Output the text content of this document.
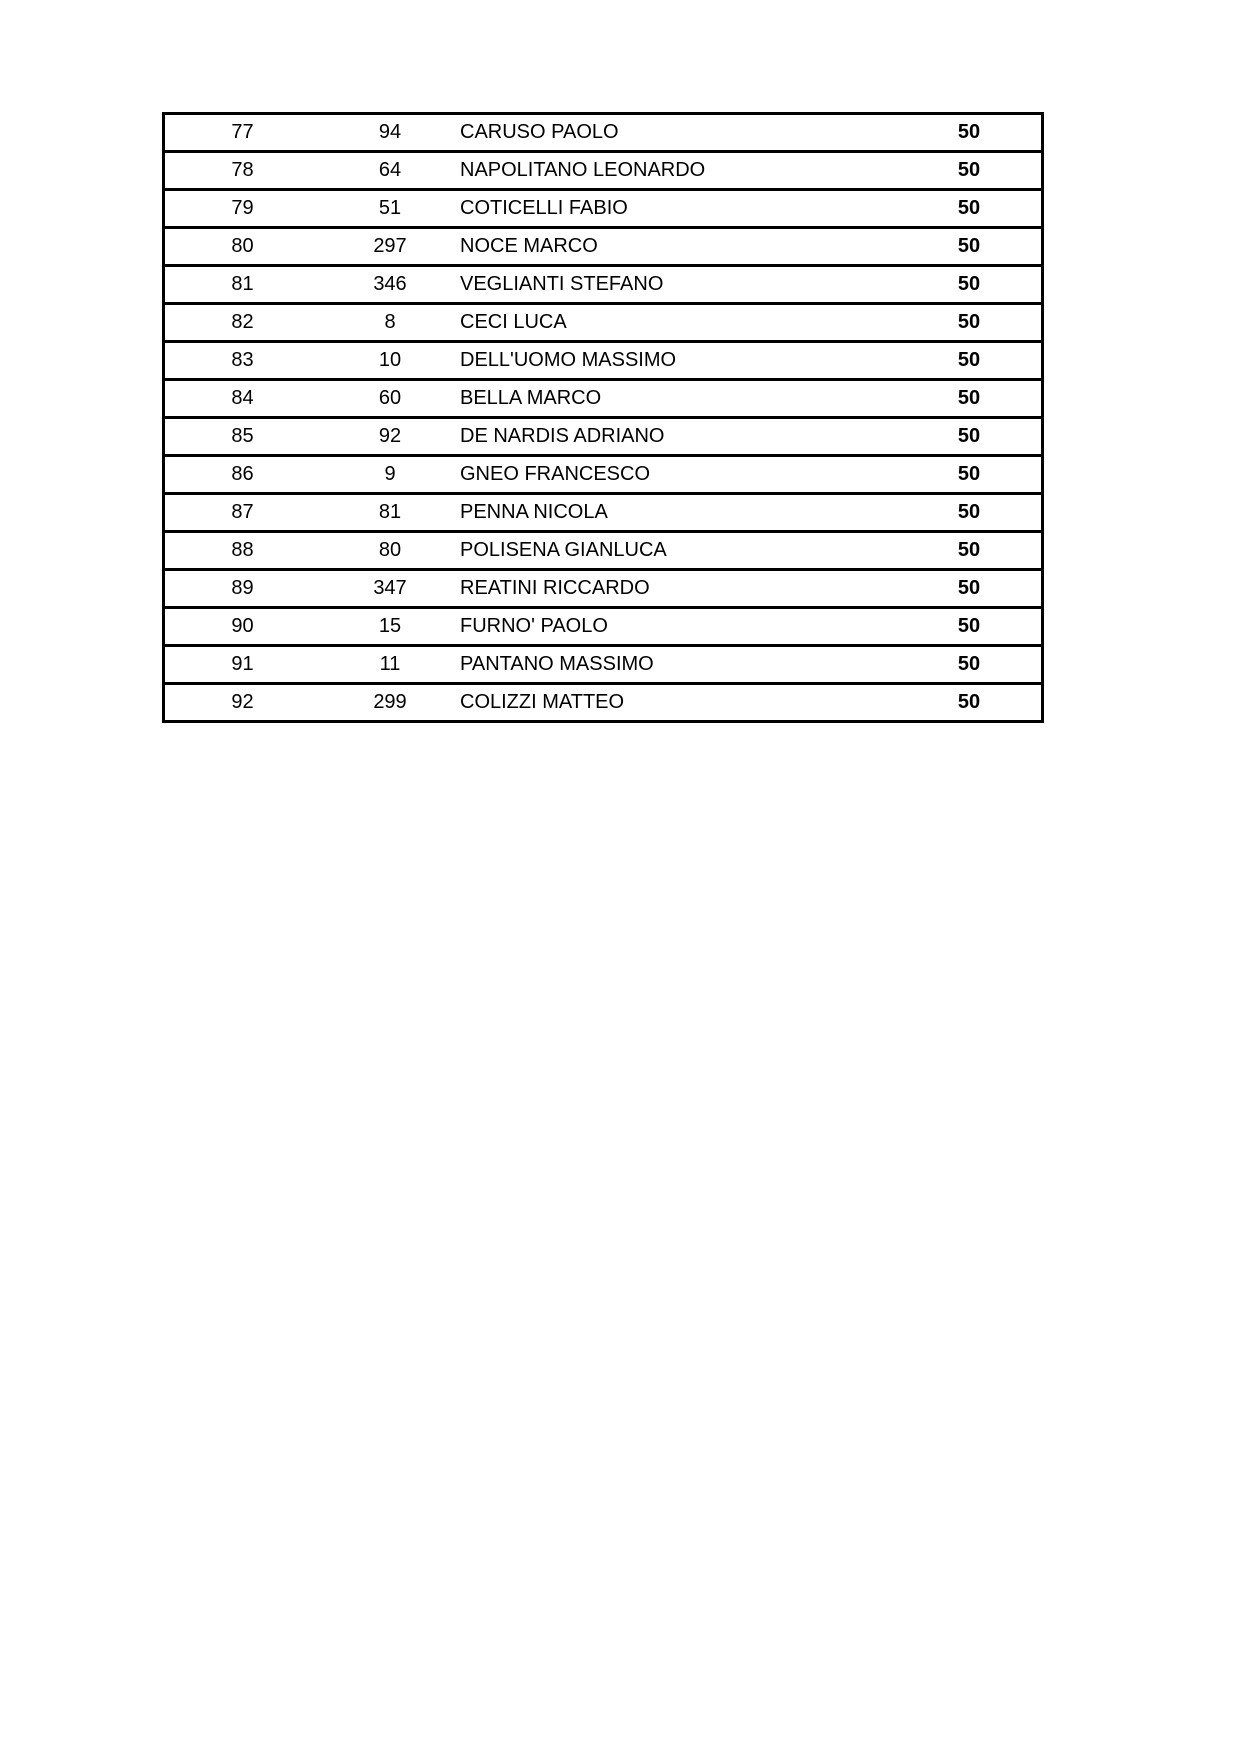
77	94	CARUSO PAOLO	50
78	64	NAPOLITANO LEONARDO	50
79	51	COTICELLI FABIO	50
80	297	NOCE MARCO	50
81	346	VEGLIANTI STEFANO	50
82	8	CECI LUCA	50
83	10	DELL'UOMO MASSIMO	50
84	60	BELLA MARCO	50
85	92	DE NARDIS ADRIANO	50
86	9	GNEO FRANCESCO	50
87	81	PENNA NICOLA	50
88	80	POLISENA GIANLUCA	50
89	347	REATINI RICCARDO	50
90	15	FURNO' PAOLO	50
91	11	PANTANO MASSIMO	50
92	299	COLIZZI MATTEO	50
